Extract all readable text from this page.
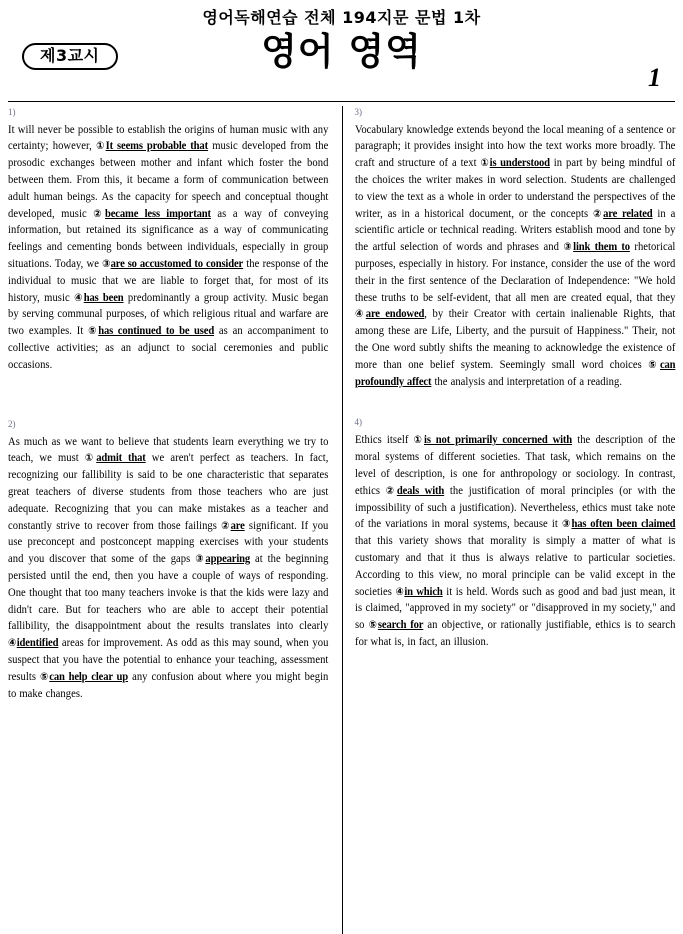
영어독해연습 전체 194지문 문법 1차
영어 영역
제3교시
1
1)
It will never be possible to establish the origins of human music with any certainty; however, ①It seems probable that music developed from the prosodic exchanges between mother and infant which foster the bond between them. From this, it became a form of communication between adult human beings. As the capacity for speech and conceptual thought developed, music ②became less important as a way of conveying information, but retained its significance as a way of communicating feelings and cementing bonds between individuals, especially in group situations. Today, we ③are so accustomed to consider the response of the individual to music that we are liable to forget that, for most of its history, music ④has been predominantly a group activity. Music began by serving communal purposes, of which religious ritual and warfare are two examples. It ⑤has continued to be used as an accompaniment to collective activities; as an adjunct to social ceremonies and public occasions.
2)
As much as we want to believe that students learn everything we try to teach, we must ①admit that we aren't perfect as teachers. In fact, recognizing our fallibility is said to be one characteristic that separates great teachers of diverse students from those teachers who are just adequate. Recognizing that you can make mistakes as a teacher and constantly strive to recover from those failings ②are significant. If you use preconcept and postconcept mapping exercises with your students and you discover that some of the gaps ③appearing at the beginning persisted until the end, then you have a couple of ways of responding. One thought that too many teachers invoke is that the kids were lazy and didn't care. But for teachers who are able to accept their potential fallibility, the disappointment about the results translates into clearly ④identified areas for improvement. As odd as this may sound, when you suspect that you have the potential to enhance your teaching, assessment results ⑤can help clear up any confusion about where you might begin to make changes.
3)
Vocabulary knowledge extends beyond the local meaning of a sentence or paragraph; it provides insight into how the text works more broadly. The craft and structure of a text ①is understood in part by being mindful of the choices the writer makes in word selection. Students are challenged to view the text as a whole in order to understand the perspectives of the writer, as in a historical document, or the concepts ②are related in a scientific article or technical reading. Writers establish mood and tone by the artful selection of words and phrases and ③link them to rhetorical purposes, especially in history. For instance, consider the use of the word their in the first sentence of the Declaration of Independence: "We hold these truths to be self-evident, that all men are created equal, that they ④are endowed, by their Creator with certain inalienable Rights, that among these are Life, Liberty, and the pursuit of Happiness." Their, not the One word subtly shifts the meaning to acknowledge the existence of more than one belief system. Seemingly small word choices ⑤can profoundly affect the analysis and interpretation of a reading.
4)
Ethics itself ①is not primarily concerned with the description of the moral systems of different societies. That task, which remains on the level of description, is one for anthropology or sociology. In contrast, ethics ②deals with the justification of moral principles (or with the impossibility of such a justification). Nevertheless, ethics must take note of the variations in moral systems, because it ③has often been claimed that this variety shows that morality is simply a matter of what is customary and that it thus is always relative to particular societies. According to this view, no moral principle can be valid except in the societies ④in which it is held. Words such as good and bad just mean, it is claimed, "approved in my society" or "disapproved in my society," and so ⑤search for an objective, or rationally justifiable, ethics is to search for what is, in fact, an illusion.
